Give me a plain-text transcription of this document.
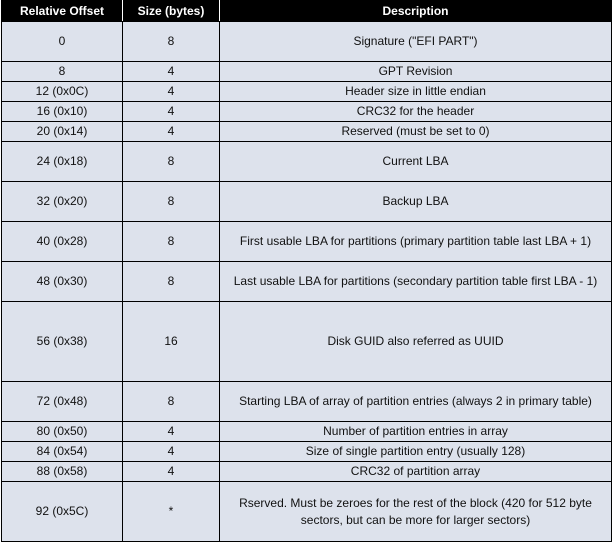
Relative Offset	Size (bytes)	Description
0	8	Signature ("EFI PART")
8	4	GPT Revision
12 (0x0C)	4	Header size in little endian
16 (0x10)	4	CRC32 for the header
20 (0x14)	4	Reserved (must be set to 0)
24 (0x18)	8	Current LBA
32 (0x20)	8	Backup LBA
40 (0x28)	8	First usable LBA for partitions (primary partition table last LBA + 1)
48 (0x30)	8	Last usable LBA for partitions (secondary partition table first LBA - 1)
56 (0x38)	16	Disk GUID also referred as UUID
72 (0x48)	8	Starting LBA of array of partition entries (always 2 in primary table)
80 (0x50)	4	Number of partition entries in array
84 (0x54)	4	Size of single partition entry (usually 128)
88 (0x58)	4	CRC32 of partition array
92 (0x5C)	*	Rserved. Must be zeroes for the rest of the block (420 for 512 byte sectors, but can be more for larger sectors)
